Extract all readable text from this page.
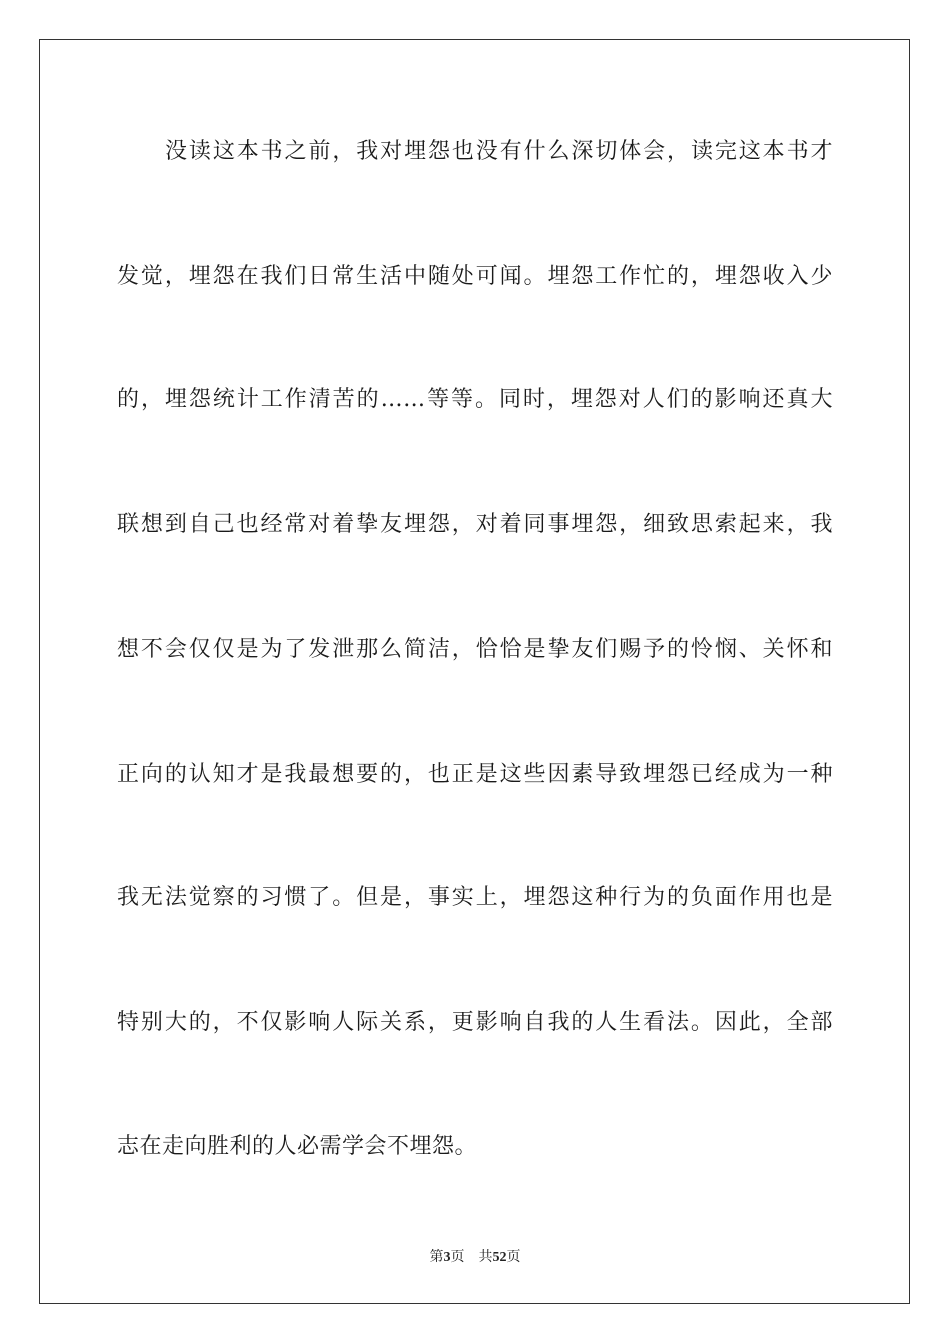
没读这本书之前，我对埋怨也没有什么深切体会，读完这本书才
发觉，埋怨在我们日常生活中随处可闻。埋怨工作忙的，埋怨收入少
的，埋怨统计工作清苦的……等等。同时，埋怨对人们的影响还真大
联想到自己也经常对着挚友埋怨，对着同事埋怨，细致思索起来，我
想不会仅仅是为了发泄那么简洁，恰恰是挚友们赐予的怜悯、关怀和
正向的认知才是我最想要的，也正是这些因素导致埋怨已经成为一种
我无法觉察的习惯了。但是，事实上，埋怨这种行为的负面作用也是
特别大的，不仅影响人际关系，更影响自我的人生看法。因此，全部
志在走向胜利的人必需学会不埋怨。
第3页 共52页
